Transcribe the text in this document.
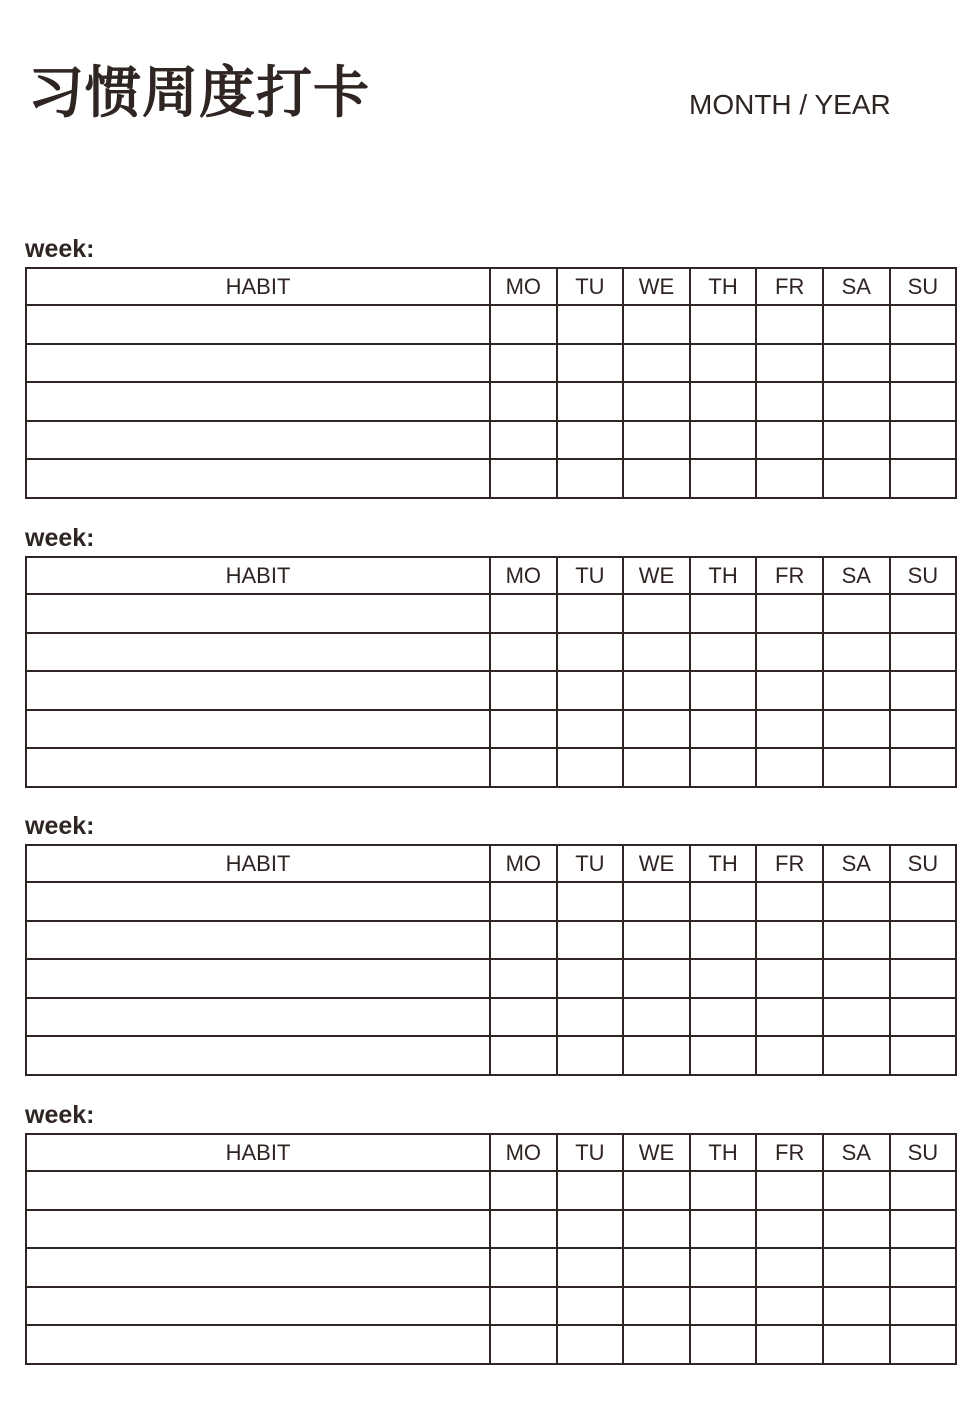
习惯周度打卡	MONTH / YEAR
week:
HABIT	MO	TU	WE	TH	FR	SA	SU

week:
HABIT	MO	TU	WE	TH	FR	SA	SU

week:
HABIT	MO	TU	WE	TH	FR	SA	SU

week:
HABIT	MO	TU	WE	TH	FR	SA	SU
